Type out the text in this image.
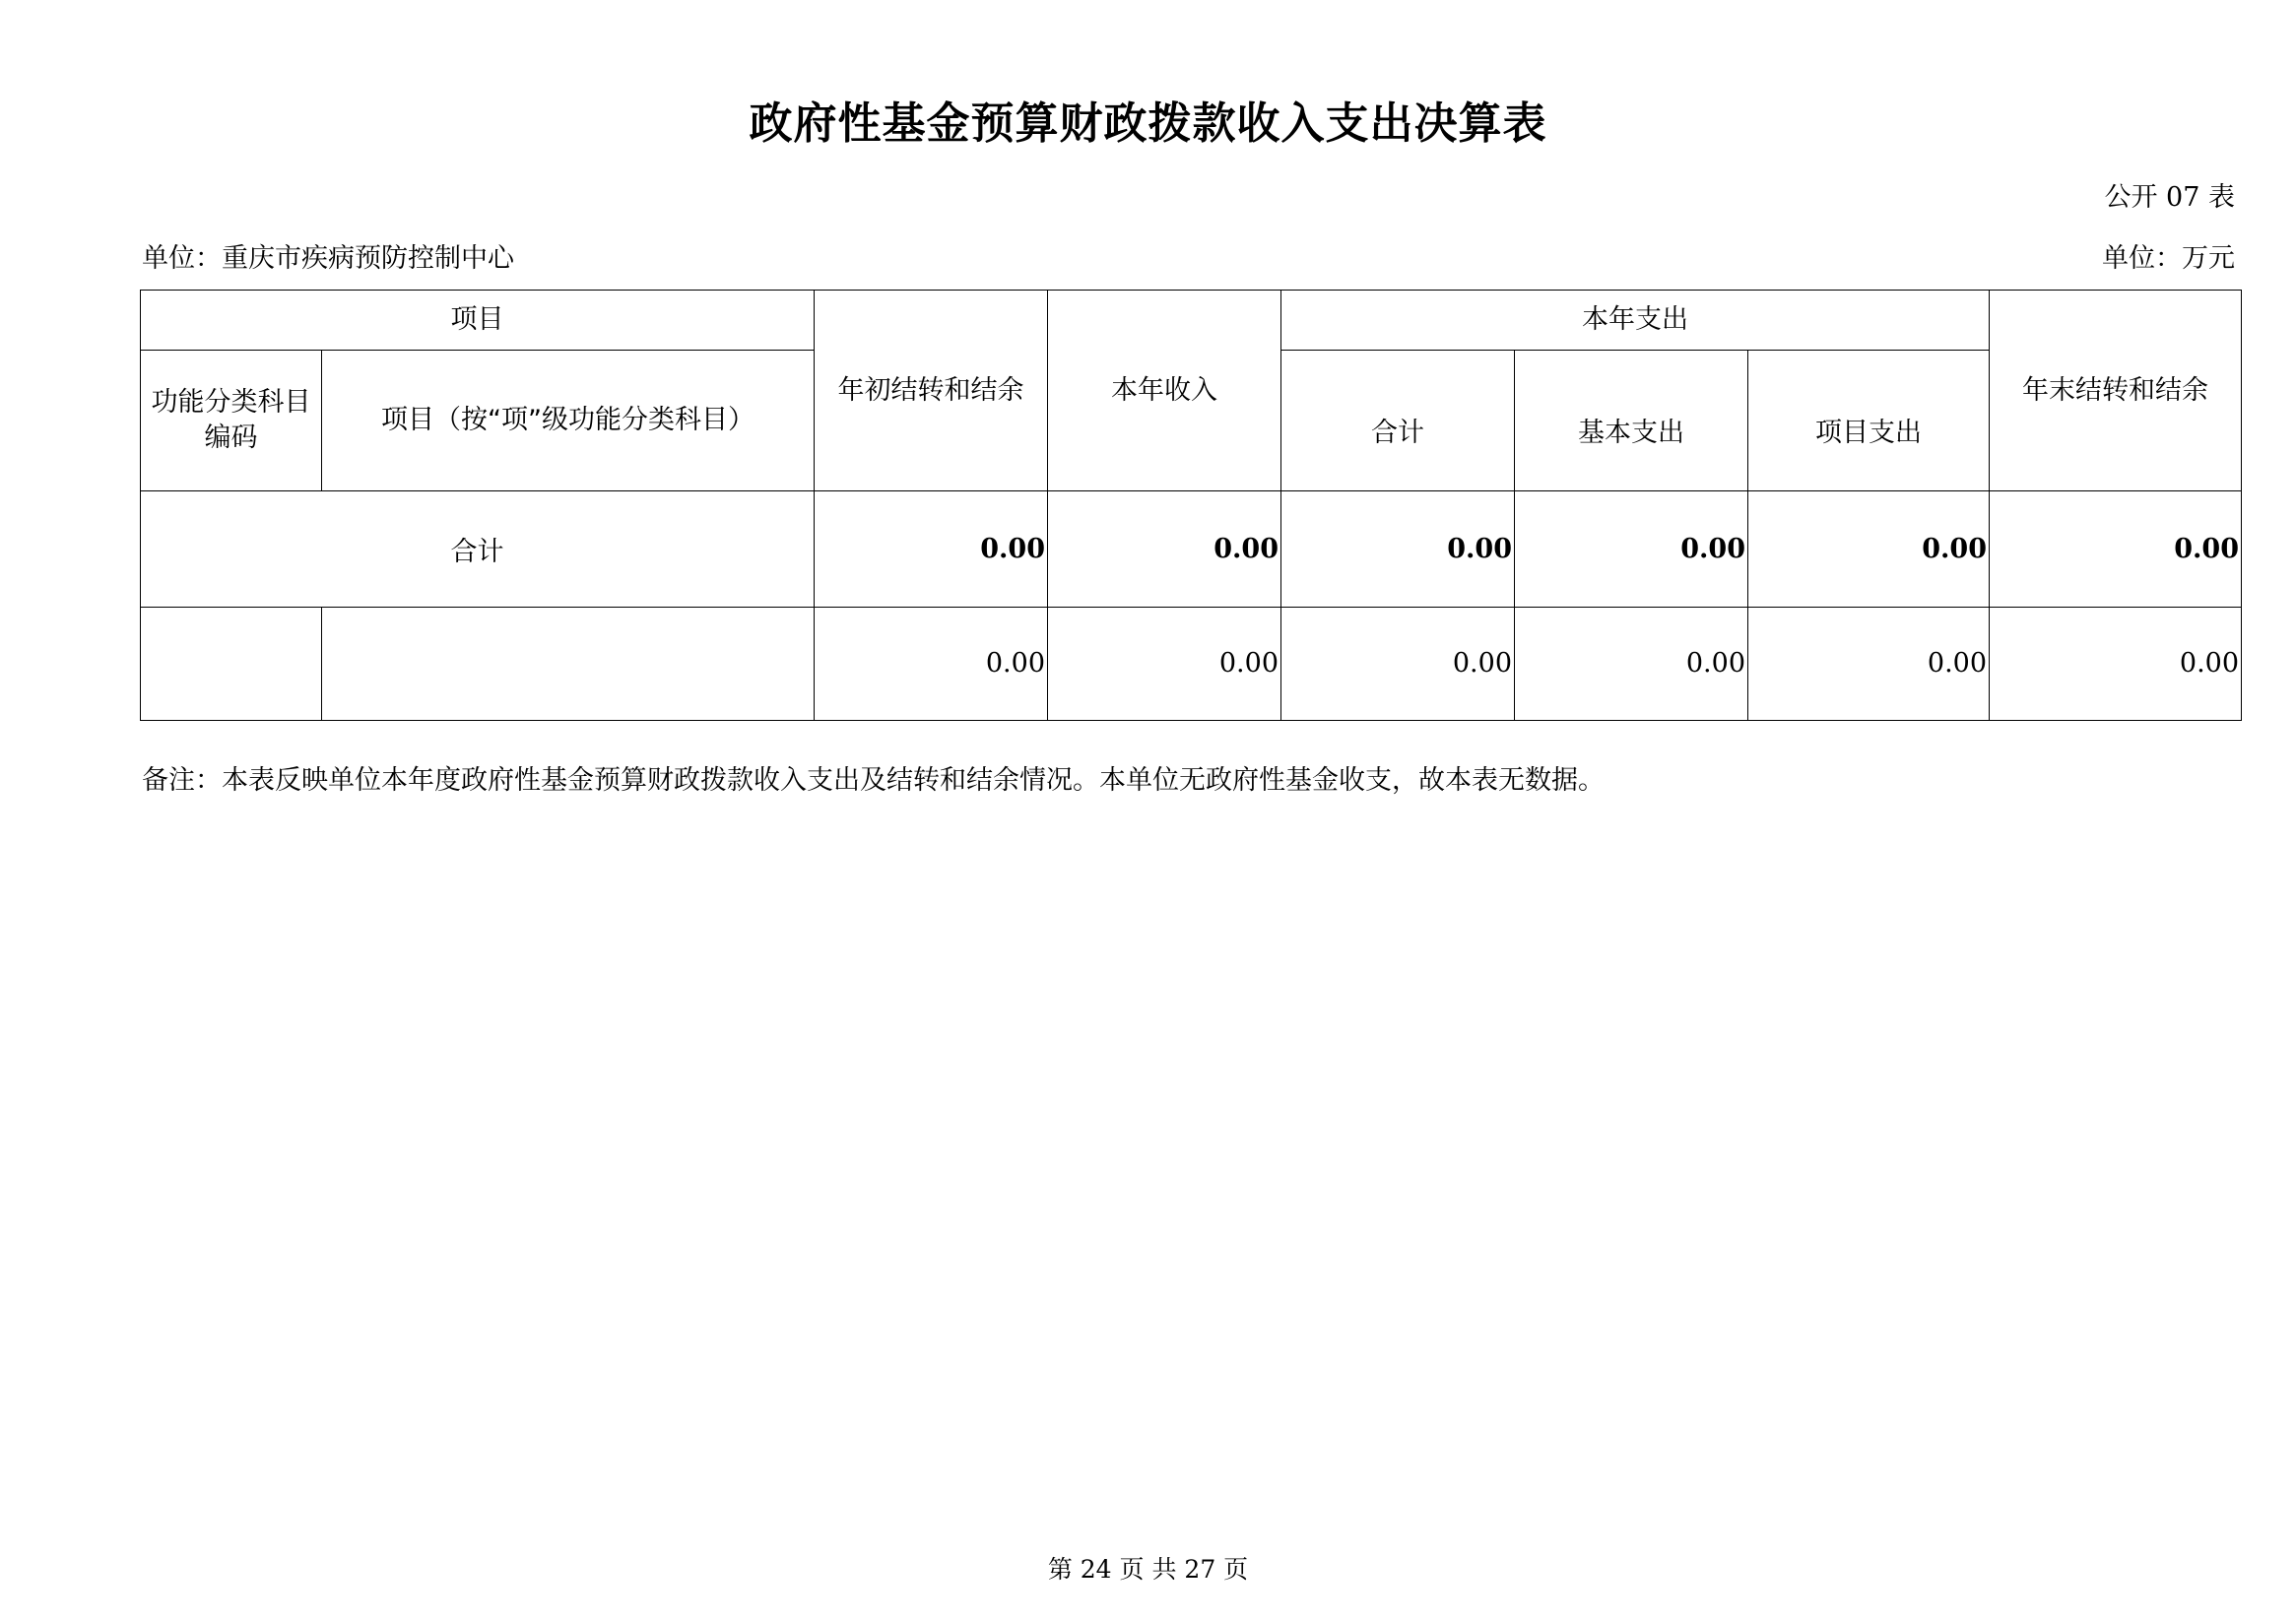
政府性基金预算财政拨款收入支出决算表
公开 07 表
单位：重庆市疾病预防控制中心	单位：万元
项目		年初结转和结余	本年收入	本年支出			年末结转和结余
功能分类科目编码	项目（按“项”级功能分类科目）			合计	基本支出	项目支出	
合计		0.00	0.00	0.00	0.00	0.00	0.00
		0.00	0.00	0.00	0.00	0.00	0.00
备注：本表反映单位本年度政府性基金预算财政拨款收入支出及结转和结余情况。本单位无政府性基金收支，故本表无数据。
第 24 页 共 27 页
